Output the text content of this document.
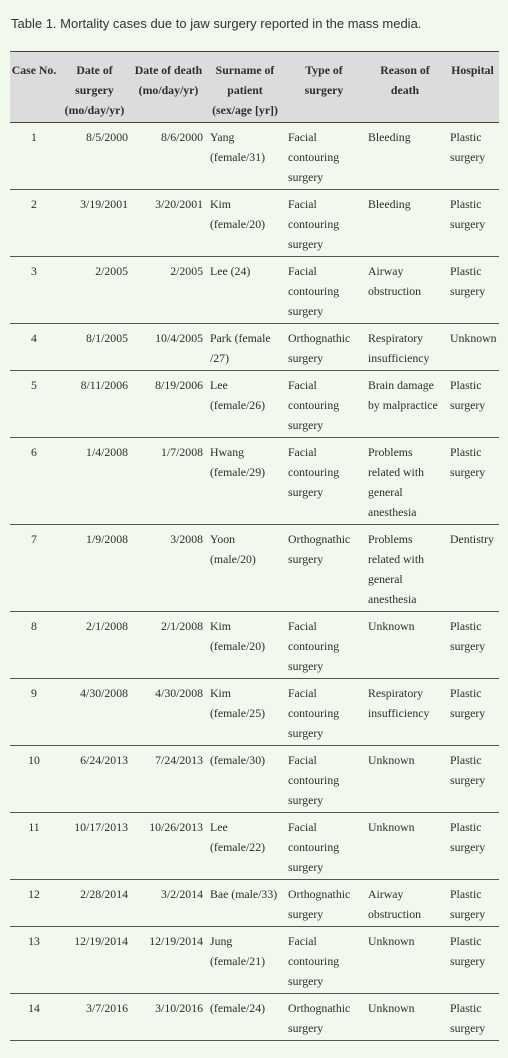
Table 1. Mortality cases due to jaw surgery reported in the mass media.
Case No.	Date of surgery (mo/day/yr)	Date of death (mo/day/yr)	Surname of patient (sex/age [yr])	Type of surgery	Reason of death	Hospital
1	8/5/2000	8/6/2000	Yang (female/31)	Facial contouring surgery	Bleeding	Plastic surgery
2	3/19/2001	3/20/2001	Kim (female/20)	Facial contouring surgery	Bleeding	Plastic surgery
3	2/2005	2/2005	Lee (24)	Facial contouring surgery	Airway obstruction	Plastic surgery
4	8/1/2005	10/4/2005	Park (female /27)	Orthognathic surgery	Respiratory insufficiency	Unknown
5	8/11/2006	8/19/2006	Lee (female/26)	Facial contouring surgery	Brain damage by malpractice	Plastic surgery
6	1/4/2008	1/7/2008	Hwang (female/29)	Facial contouring surgery	Problems related with general anesthesia	Plastic surgery
7	1/9/2008	3/2008	Yoon (male/20)	Orthognathic surgery	Problems related with general anesthesia	Dentistry
8	2/1/2008	2/1/2008	Kim (female/20)	Facial contouring surgery	Unknown	Plastic surgery
9	4/30/2008	4/30/2008	Kim (female/25)	Facial contouring surgery	Respiratory insufficiency	Plastic surgery
10	6/24/2013	7/24/2013	(female/30)	Facial contouring surgery	Unknown	Plastic surgery
11	10/17/2013	10/26/2013	Lee (female/22)	Facial contouring surgery	Unknown	Plastic surgery
12	2/28/2014	3/2/2014	Bae (male/33)	Orthognathic surgery	Airway obstruction	Plastic surgery
13	12/19/2014	12/19/2014	Jung (female/21)	Facial contouring surgery	Unknown	Plastic surgery
14	3/7/2016	3/10/2016	(female/24)	Orthognathic surgery	Unknown	Plastic surgery
